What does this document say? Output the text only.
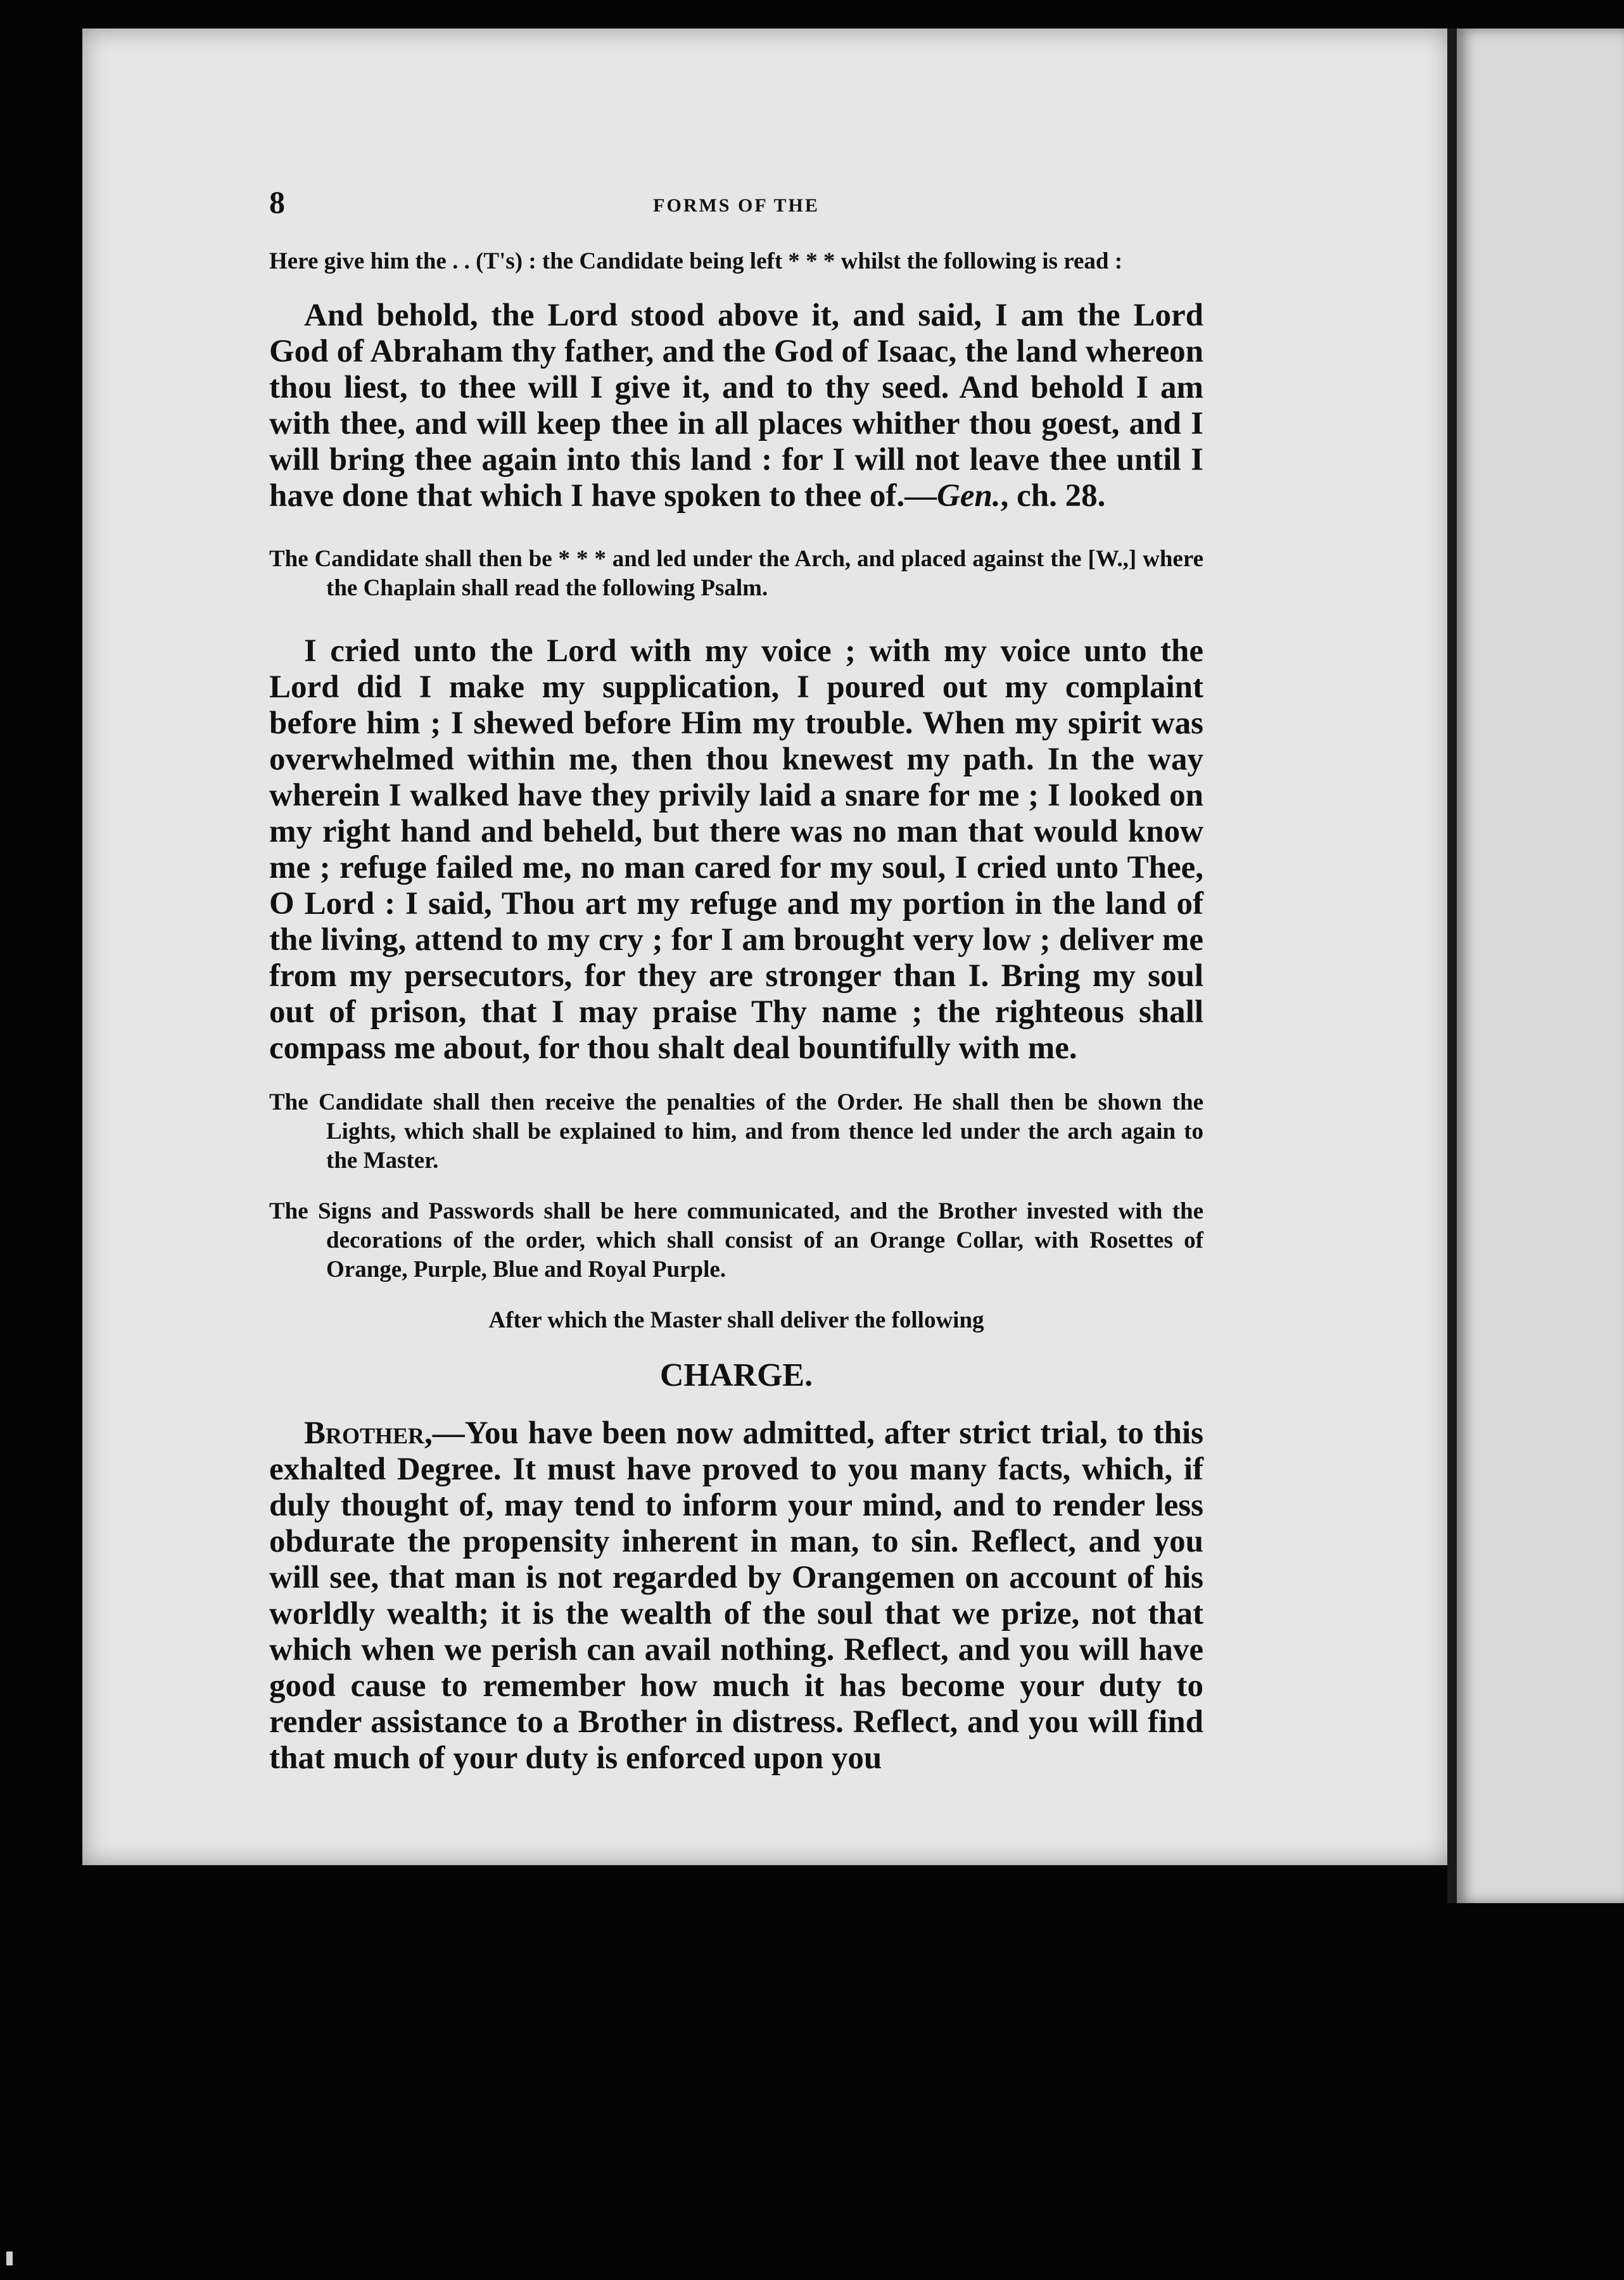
8	FORMS OF THE

Here give him the . . (T's) : the Candidate being left * * * whilst the following is read :

And behold, the Lord stood above it, and said, I am the Lord God of Abraham thy father, and the God of Isaac, the land whereon thou liest, to thee will I give it, and to thy seed. And behold I am with thee, and will keep thee in all places whither thou goest, and I will bring thee again into this land : for I will not leave thee until I have done that which I have spoken to thee of.—Gen., ch. 28.

The Candidate shall then be * * * and led under the Arch, and placed against the [W.,] where the Chaplain shall read the following Psalm.

I cried unto the Lord with my voice ; with my voice unto the Lord did I make my supplication, I poured out my complaint before him ; I shewed before Him my trouble. When my spirit was overwhelmed within me, then thou knewest my path. In the way wherein I walked have they privily laid a snare for me ; I looked on my right hand and beheld, but there was no man that would know me ; refuge failed me, no man cared for my soul, I cried unto Thee, O Lord : I said, Thou art my refuge and my portion in the land of the living, attend to my cry ; for I am brought very low ; deliver me from my persecutors, for they are stronger than I. Bring my soul out of prison, that I may praise Thy name ; the righteous shall compass me about, for thou shalt deal bountifully with me.

The Candidate shall then receive the penalties of the Order. He shall then be shown the Lights, which shall be explained to him, and from thence led under the arch again to the Master.

The Signs and Passwords shall be here communicated, and the Brother invested with the decorations of the order, which shall consist of an Orange Collar, with Rosettes of Orange, Purple, Blue and Royal Purple.

After which the Master shall deliver the following

CHARGE.

Brother,—You have been now admitted, after strict trial, to this exhalted Degree. It must have proved to you many facts, which, if duly thought of, may tend to inform your mind, and to render less obdurate the propensity inherent in man, to sin. Reflect, and you will see, that man is not regarded by Orangemen on account of his worldly wealth; it is the wealth of the soul that we prize, not that which when we perish can avail nothing. Reflect, and you will have good cause to remember how much it has become your duty to render assistance to a Brother in distress. Reflect, and you will find that much of your duty is enforced upon you
